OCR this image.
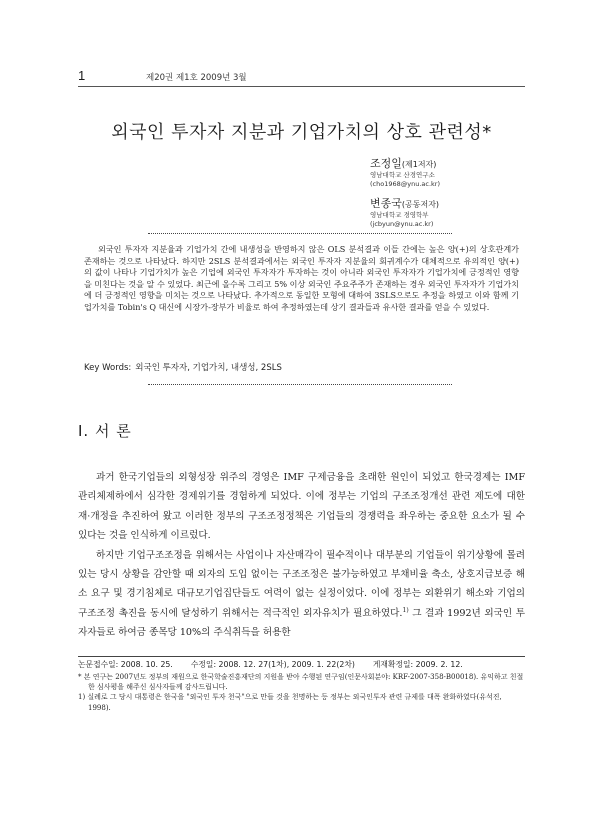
1	제20권 제1호 2009년 3월
외국인 투자자 지분과 기업가치의 상호 관련성*
조정일(제1저자)
영남대학교 산경연구소
(cho1968@ynu.ac.kr)
변종국(공동저자)
영남대학교 경영학부
(jcbyun@ynu.ac.kr)
외국인 투자자 지분율과 기업가치 간에 내생성을 반영하지 않은 OLS 분석결과 이들 간에는 높은 양(+)의 상호관계가 존재하는 것으로 나타났다. 하지만 2SLS 분석결과에서는 외국인 투자자 지분율의 회귀계수가 대체적으로 유의적인 양(+)의 값이 나타나 기업가치가 높은 기업에 외국인 투자자가 투자하는 것이 아니라 외국인 투자자가 기업가치에 긍정적인 영향을 미친다는 것을 알 수 있었다. 최근에 올수록 그리고 5% 이상 외국인 주요주주가 존재하는 경우 외국인 투자자가 기업가치에 더 긍정적인 영향을 미치는 것으로 나타났다. 추가적으로 동일한 모형에 대하여 3SLS으로도 추정을 하였고 이와 함께 기업가치를 Tobin's Q 대신에 시장가-장부가 비율로 하여 추정하였는데 상기 결과들과 유사한 결과를 얻을 수 있었다.
Key Words: 외국인 투자자, 기업가치, 내생성, 2SLS
Ⅰ. 서 론

과거 한국기업들의 외형성장 위주의 경영은 IMF 구제금융을 초래한 원인이 되었고 한국경제는 IMF 관리체제하에서 심각한 경제위기를 경험하게 되었다. 이에 정부는 기업의 구조조정개선 관련 제도에 대한 재·개정을 추진하여 왔고 이러한 정부의 구조조정정책은 기업들의 경쟁력을 좌우하는 중요한 요소가 될 수 있다는 것을 인식하게 이르렀다.

하지만 기업구조조정을 위해서는 사업이나 자산매각이 필수적이나 대부분의 기업들이 위기상황에 몰려있는 당시 상황을 감안할 때 외자의 도입 없이는 구조조정은 불가능하였고 부채비율 축소, 상호지급보증 해소 요구 및 경기침체로 대규모기업집단들도 여력이 없는 실정이었다. 이에 정부는 외환위기 해소와 기업의 구조조정 촉진을 동시에 달성하기 위해서는 적극적인 외자유치가 필요하였다.$^{1)}$ 그 결과 1992년 외국인 투자자들로 하여금 종목당 10%의 주식취득을 허용한

논문접수일: 2008. 10. 25. 수정일: 2008. 12. 27(1차), 2009. 1. 22(2차) 게재확정일: 2009. 2. 12.

* 본 연구는 2007년도 정부의 재원으로 한국학술진흥재단의 지원을 받아 수행된 연구임(인문사회분야: KRF-2007-358-B00018). 유익하고 친절한 심사평을 해주신 심사자들께 감사드립니다.

1) 실례로 그 당시 대통령은 한국을 "외국인 투자 천국"으로 만들 것을 천명하는 등 정부는 외국인투자 관련 규제를 대폭 완화하였다(유석진, 1998).
